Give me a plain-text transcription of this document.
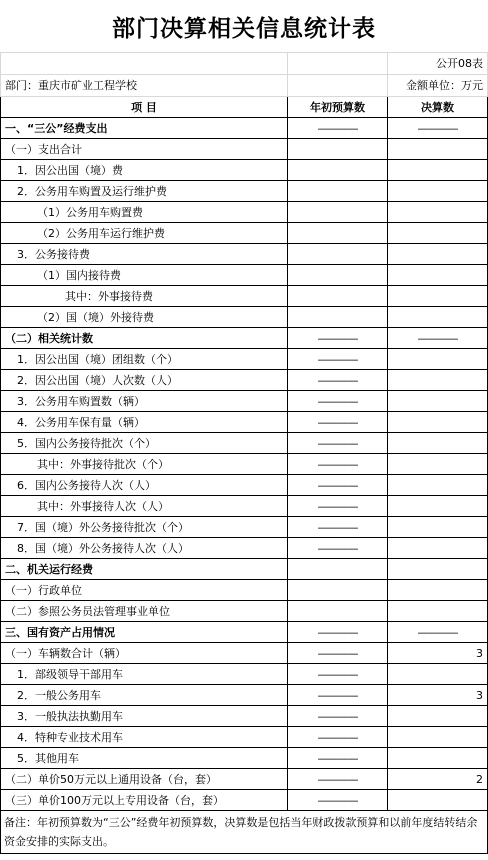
部门决算相关信息统计表
		公开08表
部门：重庆市矿业工程学校		金额单位：万元
项 目	年初预算数	决算数
一、“三公”经费支出	————	————
（一）支出合计		
1．因公出国（境）费		
2．公务用车购置及运行维护费		
（1）公务用车购置费		
（2）公务用车运行维护费		
3．公务接待费		
（1）国内接待费		
其中：外事接待费		
（2）国（境）外接待费		
（二）相关统计数	————	————
1．因公出国（境）团组数（个）	————	
2．因公出国（境）人次数（人）	————	
3．公务用车购置数（辆）	————	
4．公务用车保有量（辆）	————	
5．国内公务接待批次（个）	————	
其中：外事接待批次（个）	————	
6．国内公务接待人次（人）	————	
其中：外事接待人次（人）	————	
7．国（境）外公务接待批次（个）	————	
8．国（境）外公务接待人次（人）	————	
二、机关运行经费		
（一）行政单位		
（二）参照公务员法管理事业单位		
三、国有资产占用情况	————	————
（一）车辆数合计（辆）	————	3
1．部级领导干部用车	————	
2．一般公务用车	————	3
3．一般执法执勤用车	————	
4．特种专业技术用车	————	
5．其他用车	————	
（二）单价50万元以上通用设备（台，套）	————	2
（三）单价100万元以上专用设备（台，套）	————	
备注：年初预算数为“三公”经费年初预算数，决算数是包括当年财政拨款预算和以前年度结转结余资金安排的实际支出。		
